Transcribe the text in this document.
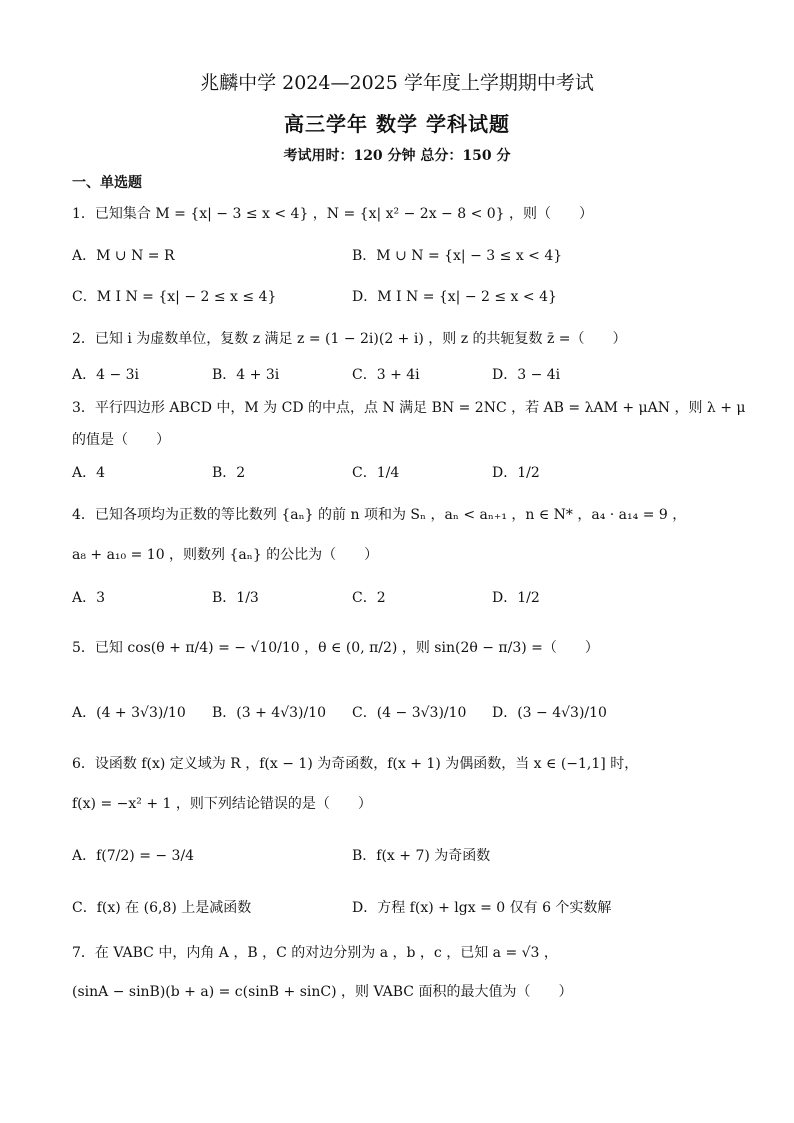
兆麟中学 2024—2025 学年度上学期期中考试
高三学年 数学 学科试题
考试用时：120 分钟 总分：150 分
一、单选题
1．已知集合 M = {x| − 3 ≤ x < 4} ，N = {x| x² − 2x − 8 < 0} ，则（　　）
A．M ∪ N = R	B．M ∪ N = {x| − 3 ≤ x < 4}
C．M I N = {x| − 2 ≤ x ≤ 4}	D．M I N = {x| − 2 ≤ x < 4}
2．已知 i 为虚数单位，复数 z 满足 z = (1 − 2i)(2 + i) ，则 z 的共轭复数 z̄ =（　　）
A．4 − 3i	B．4 + 3i	C．3 + 4i	D．3 − 4i
3．平行四边形 ABCD 中，M 为 CD 的中点，点 N 满足 BN = 2NC ，若 AB = λAM + μAN ，则 λ + μ
的值是（　　）
A．4	B．2	C．1/4	D．1/2
4．已知各项均为正数的等比数列 {aₙ} 的前 n 项和为 Sₙ ，aₙ < aₙ₊₁ ，n ∈ N* ，a₄ · a₁₄ = 9 ，
a₈ + a₁₀ = 10 ，则数列 {aₙ} 的公比为（　　）
A．3	B．1/3	C．2	D．1/2
5．已知 cos(θ + π/4) = − √10/10 ，θ ∈ (0, π/2) ，则 sin(2θ − π/3) =（　　）
A．(4 + 3√3)/10 B．(3 + 4√3)/10 C．(4 − 3√3)/10 D．(3 − 4√3)/10
6．设函数 f(x) 定义域为 R ，f(x − 1) 为奇函数，f(x + 1) 为偶函数，当 x ∈ (−1,1] 时，
f(x) = −x² + 1 ，则下列结论错误的是（　　）
A．f(7/2) = − 3/4	B．f(x + 7) 为奇函数
C．f(x) 在 (6,8) 上是减函数	D．方程 f(x) + lgx = 0 仅有 6 个实数解
7．在 VABC 中，内角 A ，B ，C 的对边分别为 a ，b ，c ，已知 a = √3 ，
(sinA − sinB)(b + a) = c(sinB + sinC) ，则 VABC 面积的最大值为（　　）
